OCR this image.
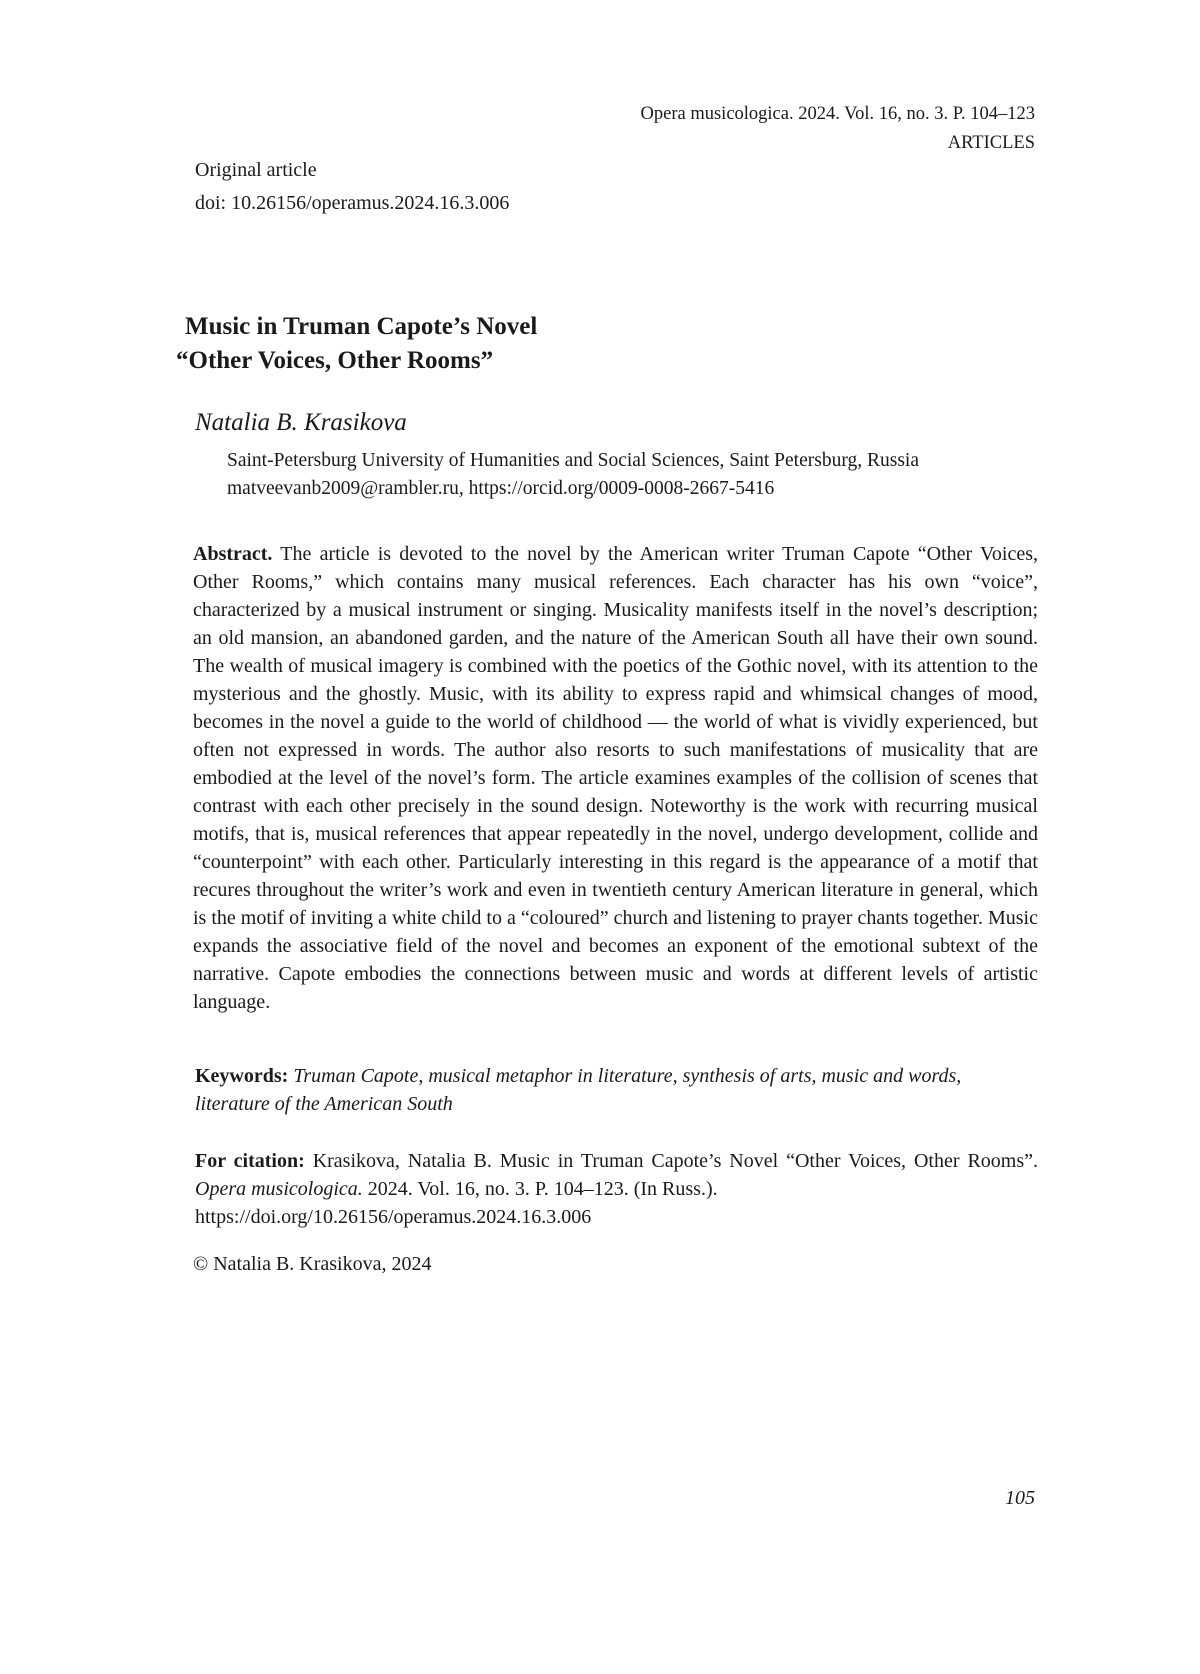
Opera musicologica. 2024. Vol. 16, no. 3. P. 104–123
ARTICLES
Original article
doi: 10.26156/operamus.2024.16.3.006
Music in Truman Capote’s Novel
“Other Voices, Other Rooms”
Natalia B. Krasikova
Saint-Petersburg University of Humanities and Social Sciences, Saint Petersburg, Russia
matveevanb2009@rambler.ru, https://orcid.org/0009-0008-2667-5416

Abstract. The article is devoted to the novel by the American writer Truman Capote “Other Voices, Other Rooms,” which contains many musical references. Each character has his own “voice”, characterized by a musical instrument or singing. Musicality manifests itself in the novel’s description; an old mansion, an abandoned garden, and the nature of the American South all have their own sound. The wealth of musical imagery is combined with the poetics of the Gothic novel, with its attention to the mysterious and the ghostly. Music, with its ability to express rapid and whimsical changes of mood, becomes in the novel a guide to the world of childhood — the world of what is vividly experienced, but often not expressed in words. The author also resorts to such manifestations of musicality that are embodied at the level of the novel’s form. The article examines examples of the collision of scenes that contrast with each other precisely in the sound design. Noteworthy is the work with recurring musical motifs, that is, musical references that appear repeatedly in the novel, undergo development, collide and “counterpoint” with each other. Particularly interesting in this regard is the appearance of a motif that recures throughout the writer’s work and even in twentieth century American literature in general, which is the motif of inviting a white child to a “coloured” church and listening to prayer chants together. Music expands the associative field of the novel and becomes an exponent of the emotional subtext of the narrative. Capote embodies the connections between music and words at different levels of artistic language.

Keywords: Truman Capote, musical metaphor in literature, synthesis of arts, music and words, literature of the American South

For citation: Krasikova, Natalia B. Music in Truman Capote’s Novel “Other Voices, Other Rooms”. Opera musicologica. 2024. Vol. 16, no. 3. P. 104–123. (In Russ.).
https://doi.org/10.26156/operamus.2024.16.3.006

© Natalia B. Krasikova, 2024
105
